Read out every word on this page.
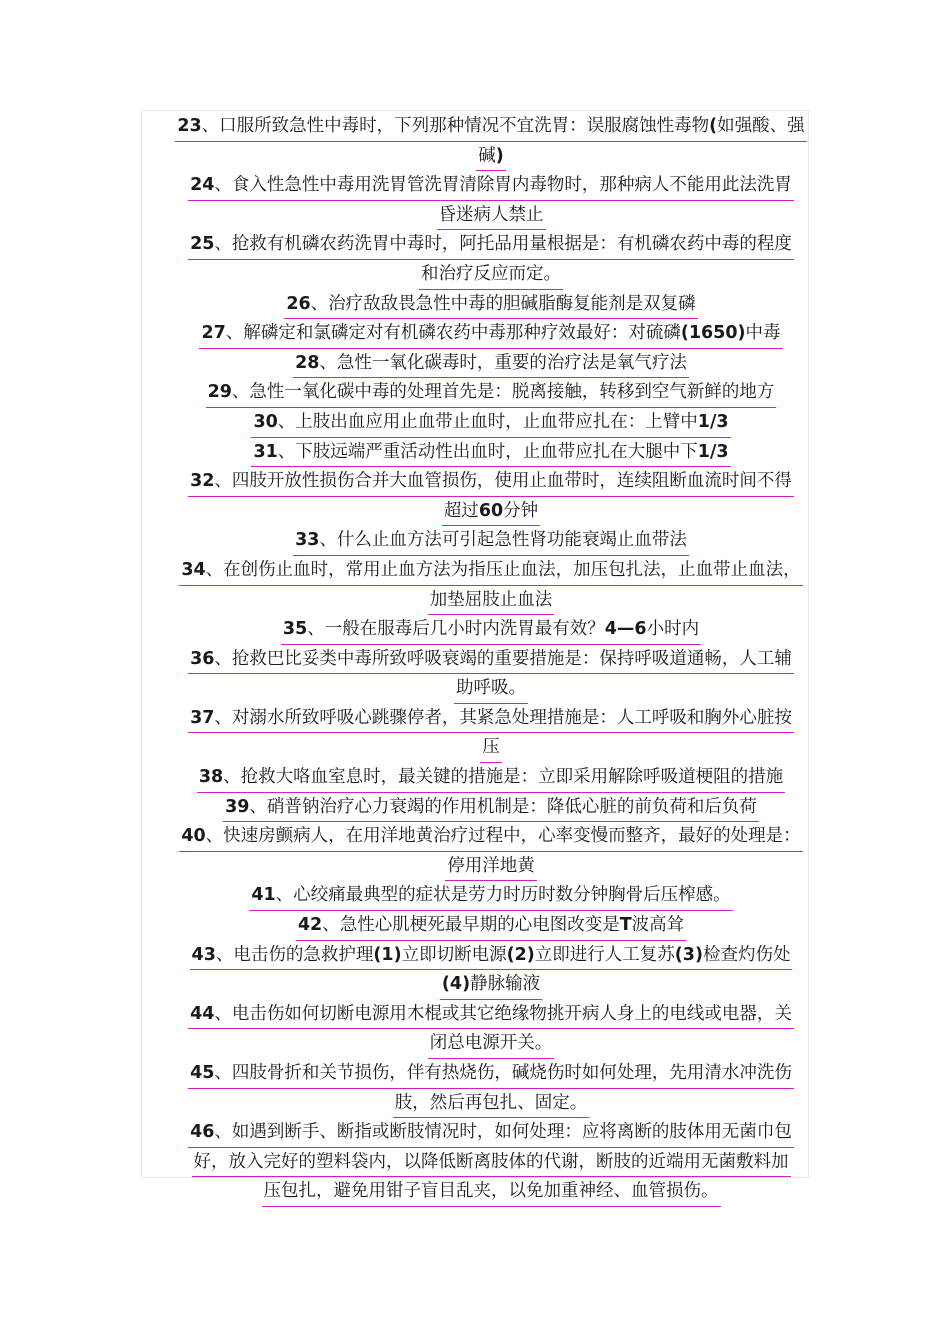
23、口服所致急性中毒时，下列那种情况不宜洗胃：误服腐蚀性毒物(如强酸、强
碱)
24、食入性急性中毒用洗胃管洗胃清除胃内毒物时，那种病人不能用此法洗胃
昏迷病人禁止
25、抢救有机磷农药洗胃中毒时，阿托品用量根据是：有机磷农药中毒的程度
和治疗反应而定。
26、治疗敌敌畏急性中毒的胆碱脂酶复能剂是双复磷
27、解磷定和氯磷定对有机磷农药中毒那种疗效最好：对硫磷(1650)中毒
28、急性一氧化碳毒时，重要的治疗法是氧气疗法
29、急性一氧化碳中毒的处理首先是：脱离接触，转移到空气新鲜的地方
30、上肢出血应用止血带止血时，止血带应扎在：上臂中1/3
31、下肢远端严重活动性出血时，止血带应扎在大腿中下1/3
32、四肢开放性损伤合并大血管损伤，使用止血带时，连续阻断血流时间不得
超过60分钟
33、什么止血方法可引起急性肾功能衰竭止血带法
34、在创伤止血时，常用止血方法为指压止血法，加压包扎法，止血带止血法，
加垫屈肢止血法
35、一般在服毒后几小时内洗胃最有效？4—6小时内
36、抢救巴比妥类中毒所致呼吸衰竭的重要措施是：保持呼吸道通畅，人工辅
助呼吸。
37、对溺水所致呼吸心跳骤停者，其紧急处理措施是：人工呼吸和胸外心脏按
压
38、抢救大咯血室息时，最关键的措施是：立即采用解除呼吸道梗阻的措施
39、硝普钠治疗心力衰竭的作用机制是：降低心脏的前负荷和后负荷
40、快速房颤病人，在用洋地黄治疗过程中，心率变慢而整齐，最好的处理是：
停用洋地黄
41、心绞痛最典型的症状是劳力时历时数分钟胸骨后压榨感。
42、急性心肌梗死最早期的心电图改变是T波高耸
43、电击伤的急救护理(1)立即切断电源(2)立即进行人工复苏(3)检查灼伤处
(4)静脉输液
44、电击伤如何切断电源用木棍或其它绝缘物挑开病人身上的电线或电器，关
闭总电源开关。
45、四肢骨折和关节损伤，伴有热烧伤，碱烧伤时如何处理，先用清水冲洗伤
肢，然后再包扎、固定。
46、如遇到断手、断指或断肢情况时，如何处理：应将离断的肢体用无菌巾包
好，放入完好的塑料袋内，以降低断离肢体的代谢，断肢的近端用无菌敷料加
压包扎，避免用钳子盲目乱夹，以免加重神经、血管损伤。
